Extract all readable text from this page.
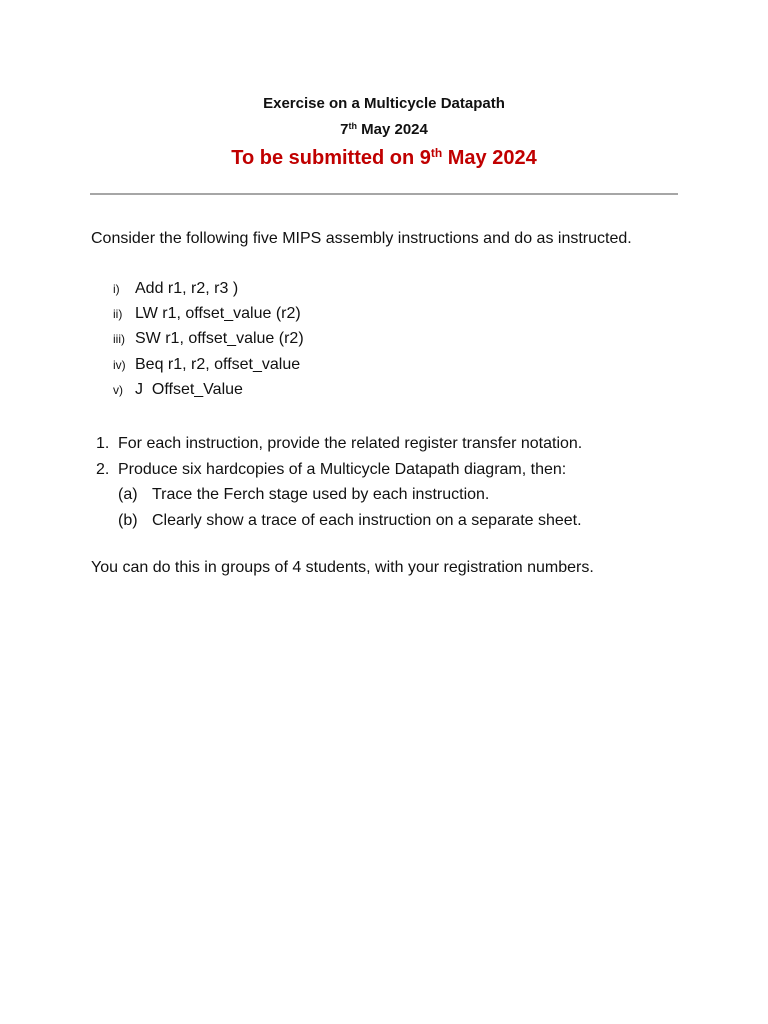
Exercise on a Multicycle Datapath
7th May 2024
To be submitted on 9th May 2024
Consider the following five MIPS assembly instructions and do as instructed.
i) Add r1, r2, r3 )
ii) LW r1, offset_value (r2)
iii) SW r1, offset_value (r2)
iv) Beq r1, r2, offset_value
v) J  Offset_Value
1. For each instruction, provide the related register transfer notation.
2. Produce six hardcopies of a Multicycle Datapath diagram, then:
(a) Trace the Ferch stage used by each instruction.
(b) Clearly show a trace of each instruction on a separate sheet.
You can do this in groups of 4 students, with your registration numbers.
